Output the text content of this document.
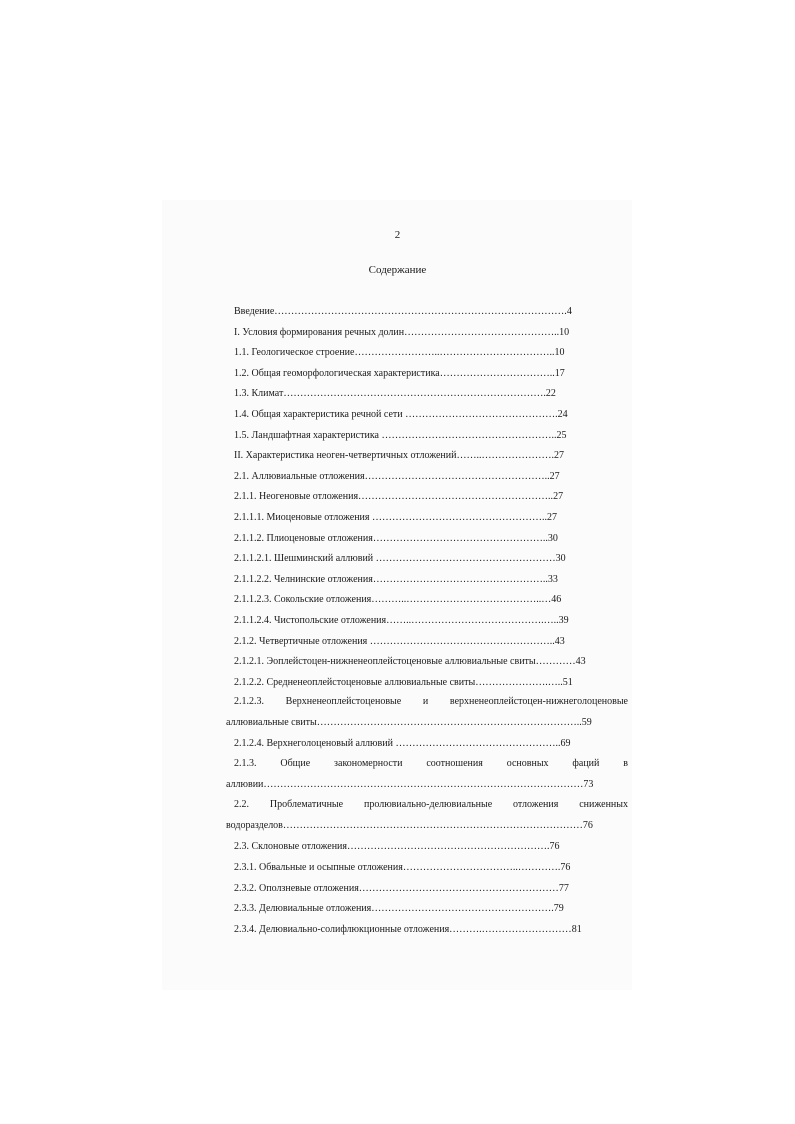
2
Содержание
Введение…………………………………………………………………………….4
I. Условия формирования речных долин………………………………………..10
1.1. Геологическое строение……………………..……………………………..10
1.2. Общая геоморфологическая характеристика……………………………..17
1.3. Климат…………………………………………………………………….22
1.4. Общая характеристика речной сети ……………………………………….24
1.5. Ландшафтная характеристика ……………………………………………..25
II. Характеристика неоген-четвертичных отложений……..………………….27
2.1. Аллювиальные отложения………………………………………………..27
2.1.1. Неогеновые отложения…………………………………………………..27
2.1.1.1. Миоценовые отложения ……………………………………………..27
2.1.1.2. Плиоценовые отложения……………………………………………..30
2.1.1.2.1. Шешминский аллювий ………………………………………………30
2.1.1.2.2. Челнинские отложения……………………………………………..33
2.1.1.2.3. Сокольские отложения………..…………………………………..…46
2.1.1.2.4. Чистопольские отложения……..………………………………….…..39
2.1.2. Четвертичные отложения ………………………………………………..43
2.1.2.1. Эоплейстоцен-нижненеоплейстоценовые аллювиальные свиты…………43
2.1.2.2. Средненеоплейстоценовые аллювиальные свиты………………….…..51
2.1.2.3. Верхненеоплейстоценовые и верхненеоплейстоцен-нижнеголоценовые аллювиальные свиты……………………………………………………………………..59
2.1.2.4. Верхнеголоценовый аллювий …………………………………………..69
2.1.3. Общие закономерности соотношения основных фаций в аллювии……………………………………………………………………………………73
2.2. Проблематичные пролювиально-делювиальные отложения сниженных водоразделов………………………………………………………………………………76
2.3. Склоновые отложения…………………………………………………….76
2.3.1. Обвальные и осыпные отложения……………………………..………….76
2.3.2. Оползневые отложения……………………………………………………77
2.3.3. Делювиальные отложения……………………………………………….79
2.3.4. Делювиально-солифлюкционные отложения……….………………………81
